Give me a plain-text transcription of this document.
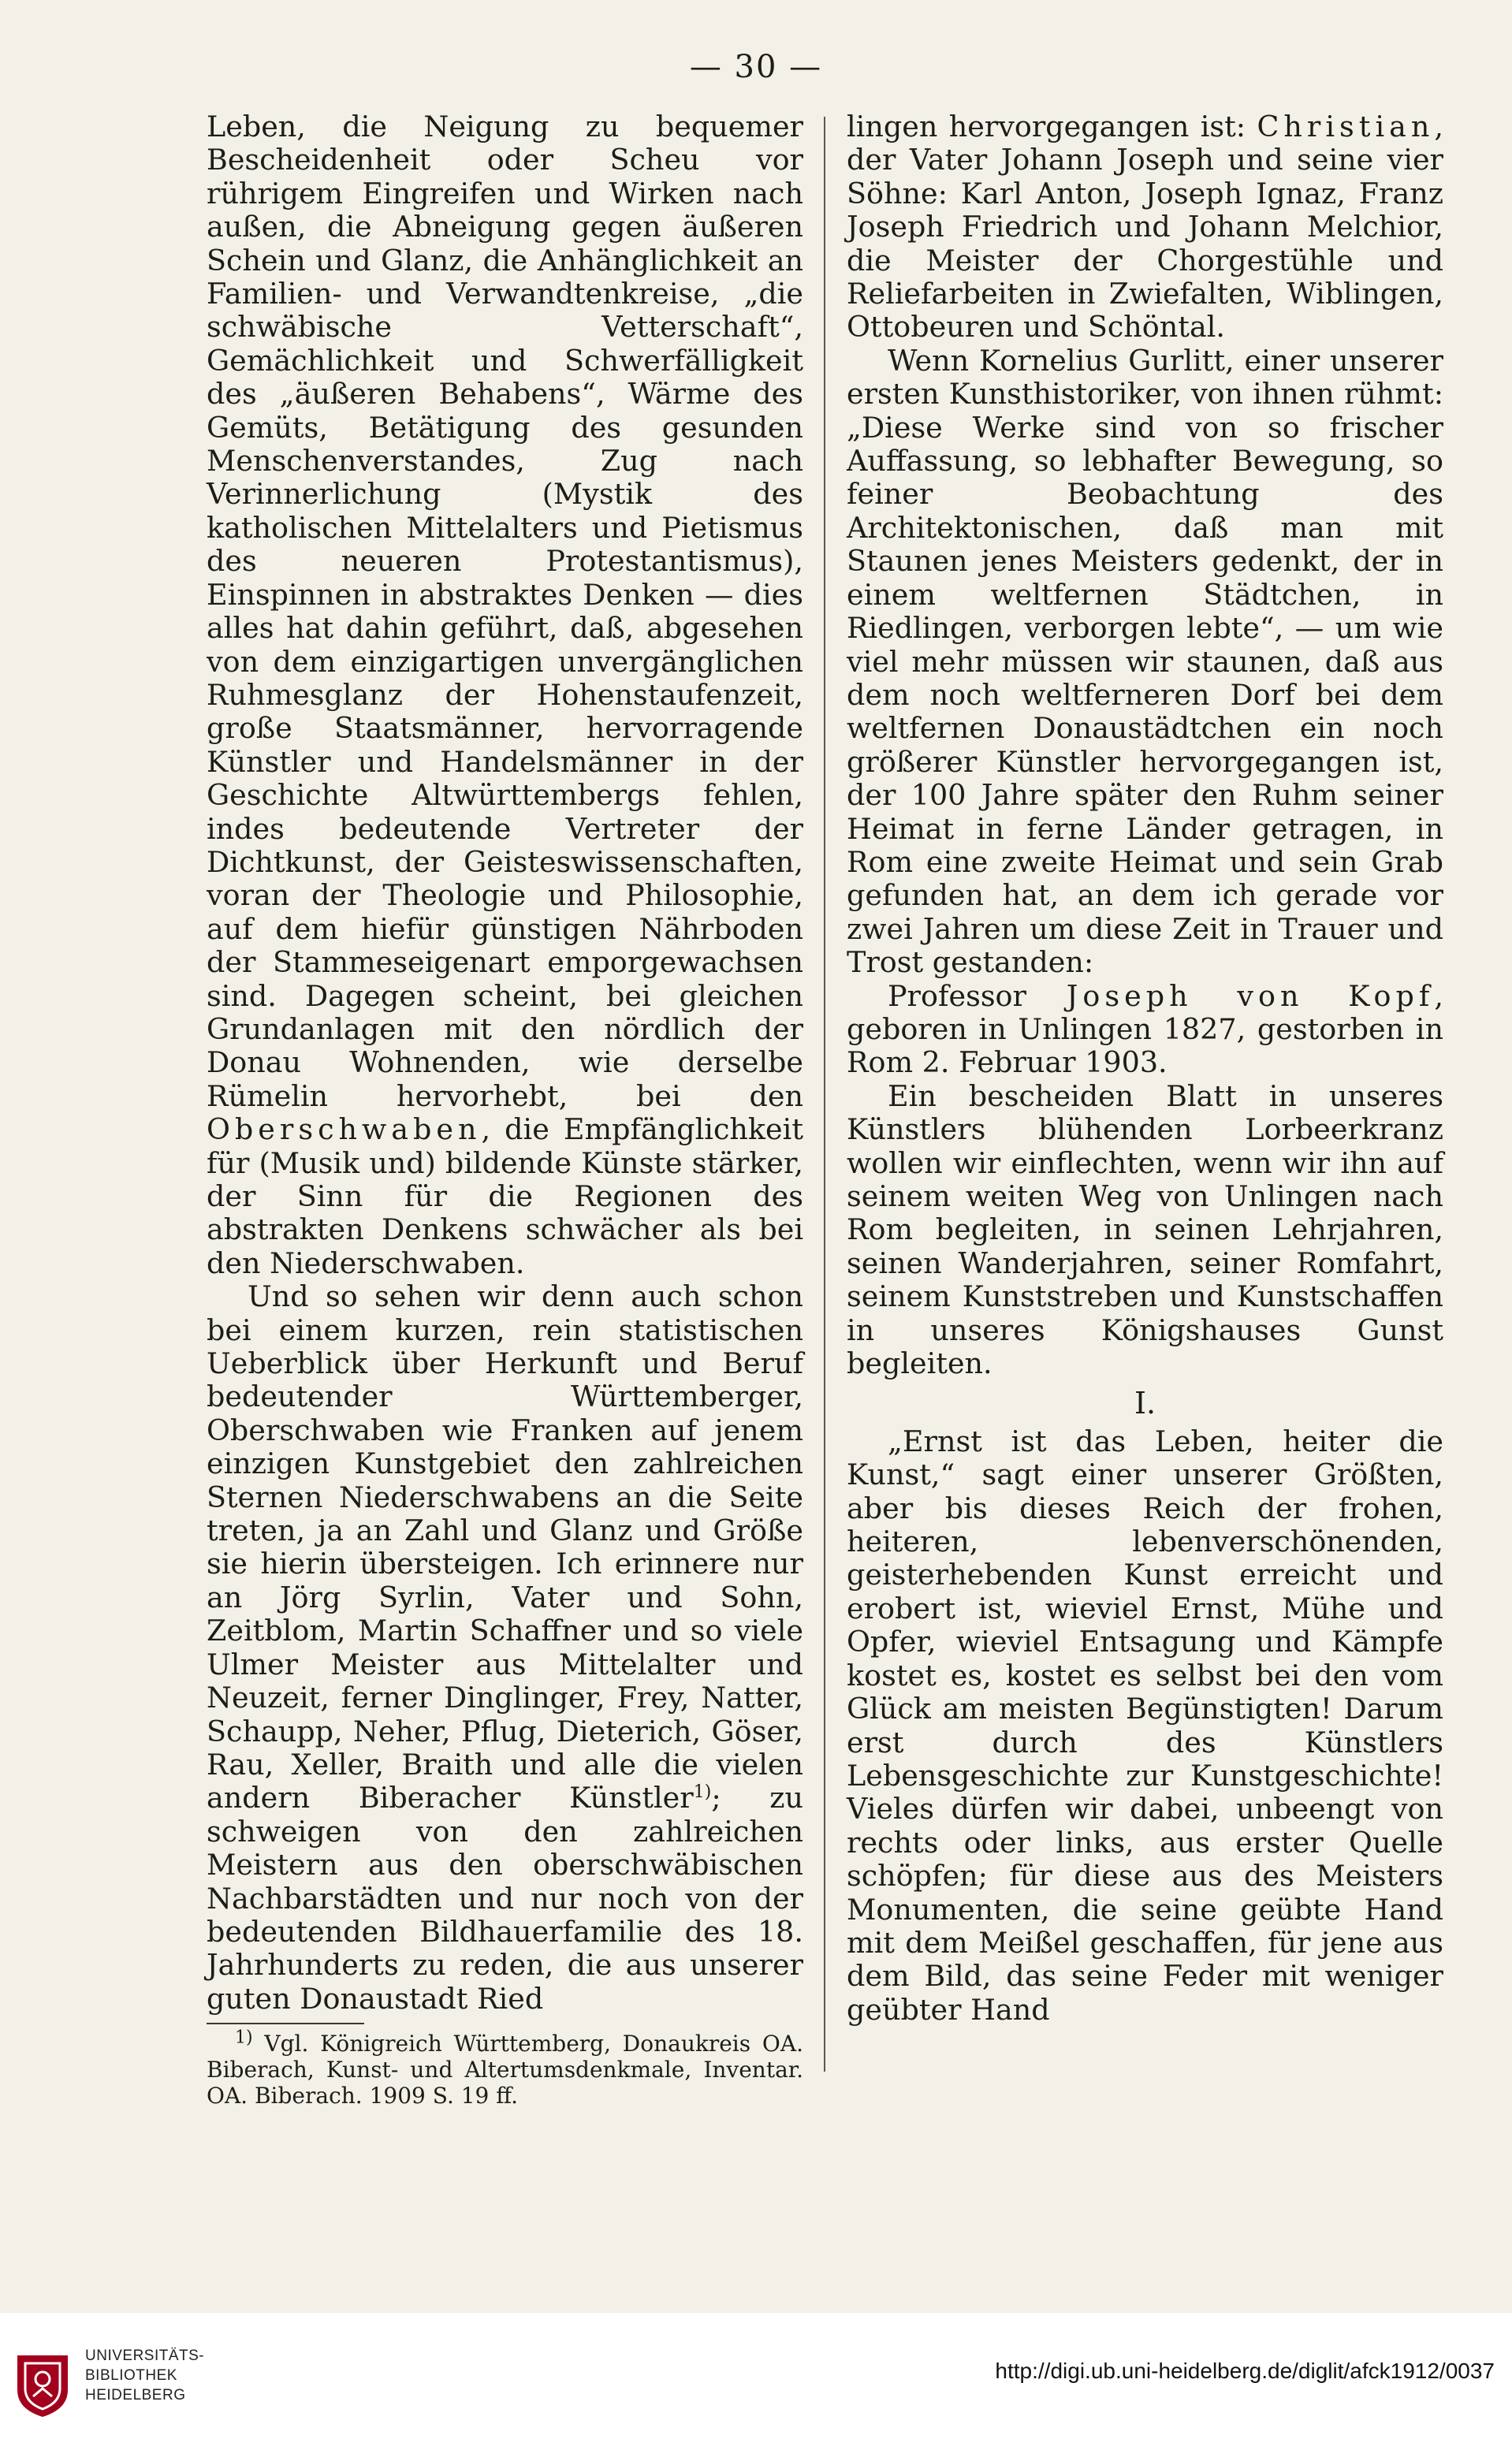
— 30 —

Leben, die Neigung zu bequemer Bescheidenheit oder Scheu vor rührigem Eingreifen und Wirken nach außen, die Abneigung gegen äußeren Schein und Glanz, die Anhänglichkeit an Familien- und Verwandtenkreise, „die schwäbische Vetterschaft“, Gemächlichkeit und Schwerfälligkeit des „äußeren Behabens“, Wärme des Gemüts, Betätigung des gesunden Menschenverstandes, Zug nach Verinnerlichung (Mystik des katholischen Mittelalters und Pietismus des neueren Protestantismus), Einspinnen in abstraktes Denken — dies alles hat dahin geführt, daß, abgesehen von dem einzigartigen unvergänglichen Ruhmesglanz der Hohenstaufenzeit, große Staatsmänner, hervorragende Künstler und Handelsmänner in der Geschichte Altwürttembergs fehlen, indes bedeutende Vertreter der Dichtkunst, der Geisteswissenschaften, voran der Theologie und Philosophie, auf dem hiefür günstigen Nährboden der Stammeseigenart emporgewachsen sind. Dagegen scheint, bei gleichen Grundanlagen mit den nördlich der Donau Wohnenden, wie derselbe Rümelin hervorhebt, bei den Oberschwaben, die Empfänglichkeit für (Musik und) bildende Künste stärker, der Sinn für die Regionen des abstrakten Denkens schwächer als bei den Niederschwaben.

Und so sehen wir denn auch schon bei einem kurzen, rein statistischen Ueberblick über Herkunft und Beruf bedeutender Württemberger, Oberschwaben wie Franken auf jenem einzigen Kunstgebiet den zahlreichen Sternen Niederschwabens an die Seite treten, ja an Zahl und Glanz und Größe sie hierin übersteigen. Ich erinnere nur an Jörg Syrlin, Vater und Sohn, Zeitblom, Martin Schaffner und so viele Ulmer Meister aus Mittelalter und Neuzeit, ferner Dinglinger, Frey, Natter, Schaupp, Neher, Pflug, Dieterich, Göser, Rau, Xeller, Braith und alle die vielen andern Biberacher Künstler$^{1)}$; zu schweigen von den zahlreichen Meistern aus den oberschwäbischen Nachbarstädten und nur noch von der bedeutenden Bildhauerfamilie des 18. Jahrhunderts zu reden, die aus unserer guten Donaustadt Ried

$^{1)}$ Vgl. Königreich Württemberg, Donaukreis OA. Biberach, Kunst- und Altertumsdenkmale, Inventar. OA. Biberach. 1909 S. 19 ff.

lingen hervorgegangen ist: Christian, der Vater Johann Joseph und seine vier Söhne: Karl Anton, Joseph Ignaz, Franz Joseph Friedrich und Johann Melchior, die Meister der Chorgestühle und Reliefarbeiten in Zwiefalten, Wiblingen, Ottobeuren und Schöntal.

Wenn Kornelius Gurlitt, einer unserer ersten Kunsthistoriker, von ihnen rühmt: „Diese Werke sind von so frischer Auffassung, so lebhafter Bewegung, so feiner Beobachtung des Architektonischen, daß man mit Staunen jenes Meisters gedenkt, der in einem weltfernen Städtchen, in Riedlingen, verborgen lebte“, — um wie viel mehr müssen wir staunen, daß aus dem noch weltferneren Dorf bei dem weltfernen Donaustädtchen ein noch größerer Künstler hervorgegangen ist, der 100 Jahre später den Ruhm seiner Heimat in ferne Länder getragen, in Rom eine zweite Heimat und sein Grab gefunden hat, an dem ich gerade vor zwei Jahren um diese Zeit in Trauer und Trost gestanden:

Professor Joseph von Kopf, geboren in Unlingen 1827, gestorben in Rom 2. Februar 1903.

Ein bescheiden Blatt in unseres Künstlers blühenden Lorbeerkranz wollen wir einflechten, wenn wir ihn auf seinem weiten Weg von Unlingen nach Rom begleiten, in seinen Lehrjahren, seinen Wanderjahren, seiner Romfahrt, seinem Kunststreben und Kunstschaffen in unseres Königshauses Gunst begleiten.

I.

„Ernst ist das Leben, heiter die Kunst,“ sagt einer unserer Größten, aber bis dieses Reich der frohen, heiteren, lebenverschönenden, geisterhebenden Kunst erreicht und erobert ist, wieviel Ernst, Mühe und Opfer, wieviel Entsagung und Kämpfe kostet es, kostet es selbst bei den vom Glück am meisten Begünstigten! Darum erst durch des Künstlers Lebensgeschichte zur Kunstgeschichte! Vieles dürfen wir dabei, unbeengt von rechts oder links, aus erster Quelle schöpfen; für diese aus des Meisters Monumenten, die seine geübte Hand mit dem Meißel geschaffen, für jene aus dem Bild, das seine Feder mit weniger geübter Hand

UNIVERSITÄTS-
BIBLIOTHEK
HEIDELBERG
http://digi.ub.uni-heidelberg.de/diglit/afck1912/0037
